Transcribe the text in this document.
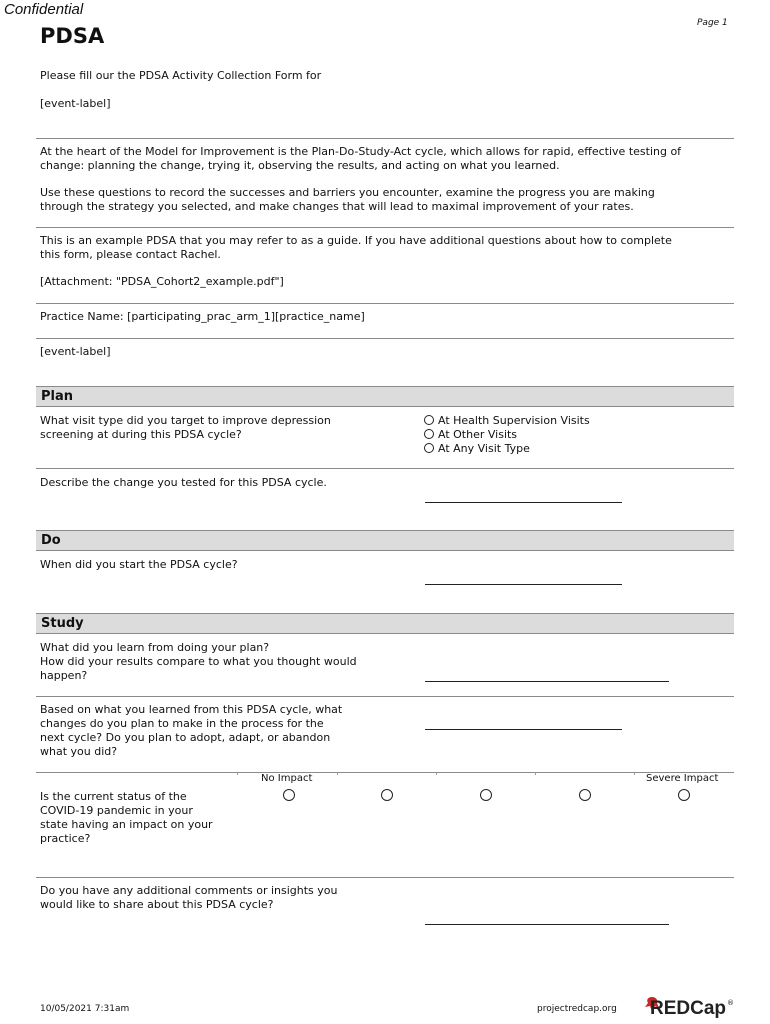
Confidential
Page 1
PDSA
Please fill our the PDSA Activity Collection Form for
[event-label]
At the heart of the Model for Improvement is the Plan-Do-Study-Act cycle, which allows for rapid, effective testing of
change: planning the change, trying it, observing the results, and acting on what you learned.
Use these questions to record the successes and barriers you encounter, examine the progress you are making
through the strategy you selected, and make changes that will lead to maximal improvement of your rates.
This is an example PDSA that you may refer to as a guide. If you have additional questions about how to complete
this form, please contact Rachel.
[Attachment: "PDSA_Cohort2_example.pdf"]
Practice Name: [participating_prac_arm_1][practice_name]
[event-label]
Plan
What visit type did you target to improve depression
screening at during this PDSA cycle?
At Health Supervision Visits
At Other Visits
At Any Visit Type
Describe the change you tested for this PDSA cycle.
Do
When did you start the PDSA cycle?
Study
What did you learn from doing your plan?
How did your results compare to what you thought would
happen?
Based on what you learned from this PDSA cycle, what
changes do you plan to make in the process for the
next cycle? Do you plan to adopt, adapt, or abandon
what you did?
No Impact	Severe Impact
Is the current status of the
COVID-19 pandemic in your
state having an impact on your
practice?
Do you have any additional comments or insights you
would like to share about this PDSA cycle?
10/05/2021 7:31am	projectredcap.org REDCap ®
